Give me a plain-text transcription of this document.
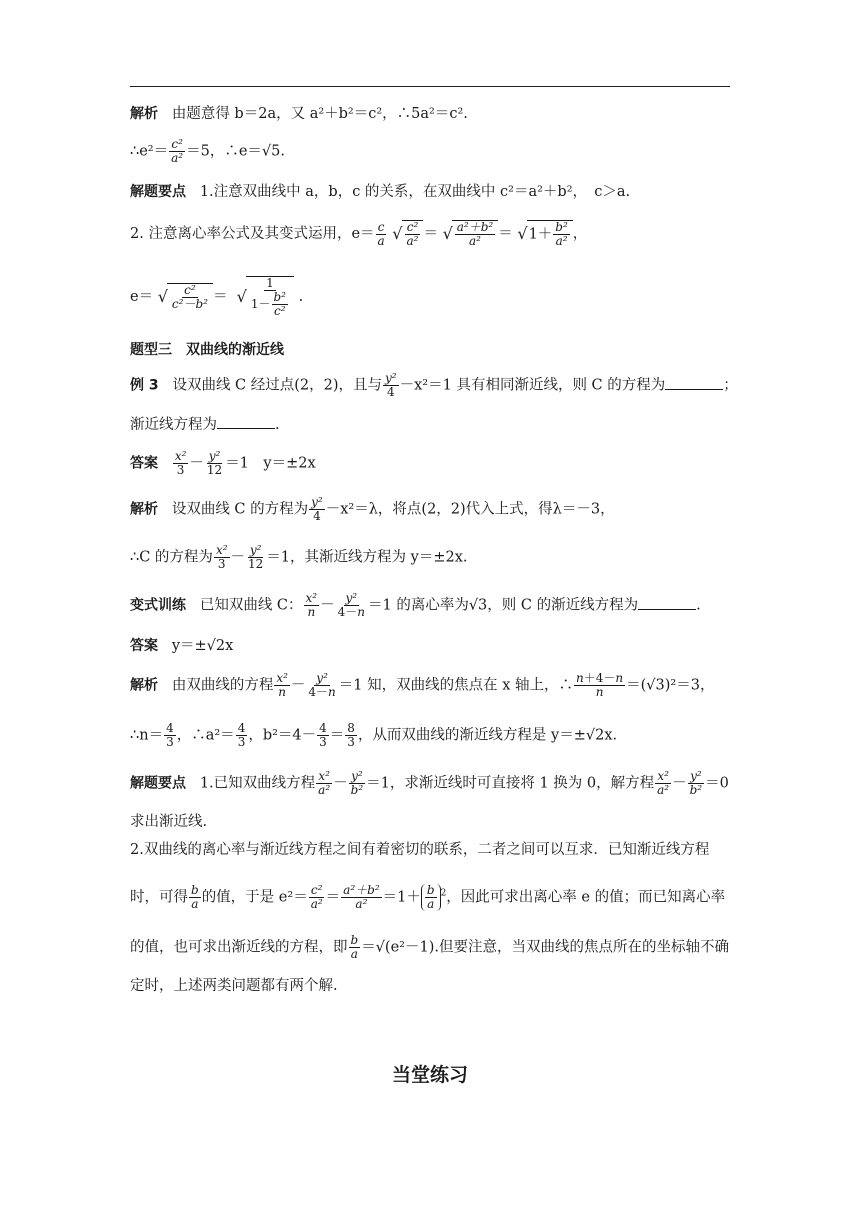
解析 由题意得 b＝2a，又 a²＋b²＝c²，∴5a²＝c².
∴e²＝ $\frac{\text{c²}}{\text{a²}} =5$，∴e＝√5.
解题要点 1.注意双曲线中 a，b，c 的关系，在双曲线中 c²＝a²＋b²，　c＞a.
2. 注意离心率公式及其变式运用，$e= \frac{c}{a}$ √ $\frac{\text{c²}}{\text{a²}}$ ＝ √ $\frac{\text{a²＋b²}}{\text{a²}} = √1+ \frac{\text{b²}}{\text{a²}}$ ，
e＝ √ $\frac{\text{c²}}{\text{c²－b²}}$ ＝  √ $\frac{1}{1- \frac{\text{b²}}{\text{c²}}}$ .
题型三　双曲线的渐近线
例 3 设双曲线 C 经过点(2，2)，且与 $\frac{\text{y²}}{4} -x^2=1$ 具有相同渐近线，则 C 的方程为	；
渐近线方程为	.
答案 $\frac{\text{x²}}{3} - \frac{\text{y²}}{12} =1$　y＝±2x
解析 设双曲线 C 的方程为 $\frac{\text{y²}}{4} -x^2=\lambda$，将点(2，2)代入上式，得λ＝－3，
∴C 的方程为 $\frac{\text{x²}}{3} - \frac{\text{y²}}{12} =1$，其渐近线方程为 y＝±2x.
变式训练 已知双曲线 C： $\frac{\text{x²}}{n} - \frac{\text{y²}}{4-n} =1$ 的离心率为√3，则 C 的渐近线方程为	.
答案 y＝±√2x
解析 由双曲线的方程 $\frac{\text{x²}}{n} - \frac{\text{y²}}{4-n} =1$ 知，双曲线的焦点在 x 轴上，∴ $\frac{n+4-n}{n} =(√3)^2=3$，
∴n＝ $\frac{4}{3}$ ，∴a²＝ $\frac{4}{3}$ ，$b^2=4- \frac{4}{3} = \frac{8}{3}$ ，从而双曲线的渐近线方程是 y＝±√2x.
解题要点 1.已知双曲线方程 $\frac{\text{x²}}{\text{a²}} - \frac{\text{y²}}{\text{b²}} =1$，求渐近线时可直接将 1 换为 0，解方程 $\frac{\text{x²}}{\text{a²}} - \frac{\text{y²}}{\text{b²}} =0$
求出渐近线.
2.双曲线的离心率与渐近线方程之间有着密切的联系，二者之间可以互求．已知渐近线方程
时，可得 $\frac{b}{a}$ 的值，于是 $e^2= \frac{\text{c²}}{\text{a²}} = \frac{\text{a²＋b²}}{\text{a²}} =1+ \frac{b}{a} ^2$，因此可求出离心率 e 的值；而已知离心率
的值，也可求出渐近线的方程，即 $\frac{b}{a} =√(e^2-1)$.但要注意，当双曲线的焦点所在的坐标轴不确
定时，上述两类问题都有两个解.
当堂练习
